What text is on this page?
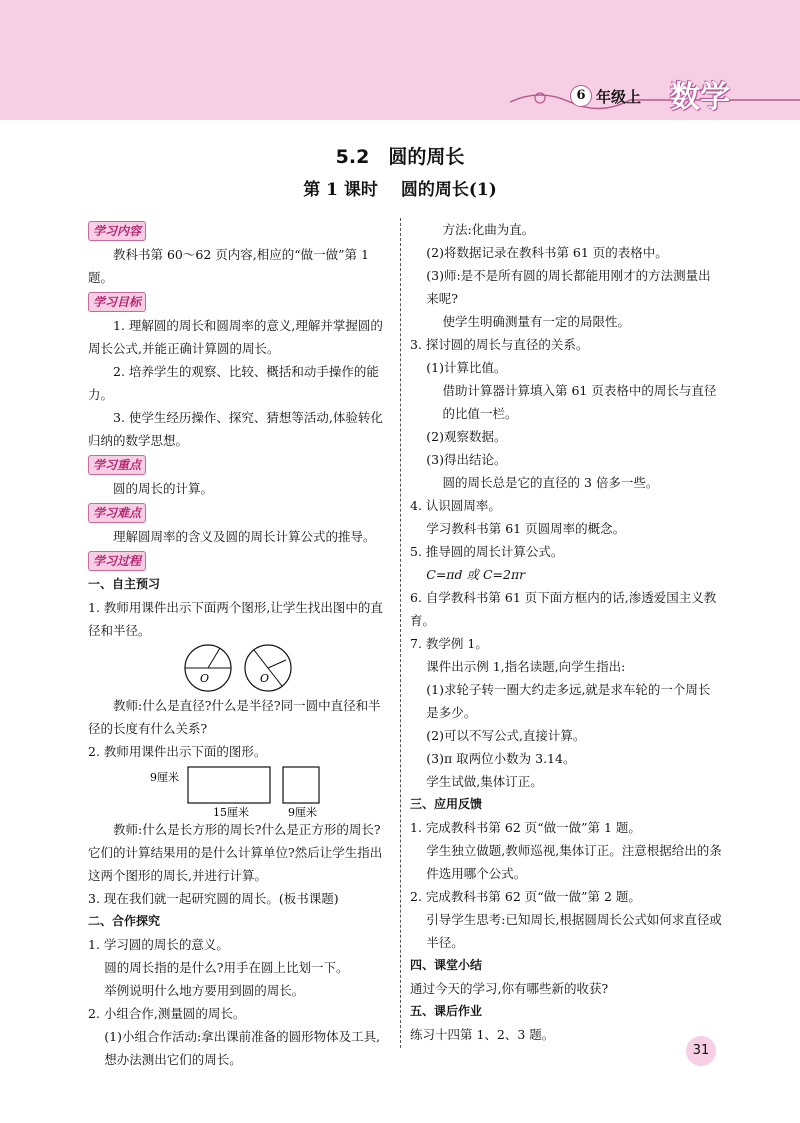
6 年级上 数学
5.2　圆的周长
第 1 课时　 圆的周长(1)
学习内容

教科书第 60～62 页内容,相应的“做一做”第 1 题。

学习目标

1. 理解圆的周长和圆周率的意义,理解并掌握圆的周长公式,并能正确计算圆的周长。

2. 培养学生的观察、比较、概括和动手操作的能力。

3. 使学生经历操作、探究、猜想等活动,体验转化归纳的数学思想。

学习重点

圆的周长的计算。

学习难点

理解圆周率的含义及圆的周长计算公式的推导。

学习过程

一、自主预习

1. 教师用课件出示下面两个图形,让学生找出图中的直径和半径。

O	O

教师:什么是直径?什么是半径?同一圆中直径和半径的长度有什么关系?

2. 教师用课件出示下面的图形。

9厘米
15厘米	9厘米

教师:什么是长方形的周长?什么是正方形的周长?它们的计算结果用的是什么计算单位?然后让学生指出这两个图形的周长,并进行计算。

3. 现在我们就一起研究圆的周长。(板书课题)

二、合作探究

1. 学习圆的周长的意义。

圆的周长指的是什么?用手在圆上比划一下。

举例说明什么地方要用到圆的周长。

2. 小组合作,测量圆的周长。

(1)小组合作活动:拿出课前准备的圆形物体及工具,想办法测出它们的周长。

方法:化曲为直。

(2)将数据记录在教科书第 61 页的表格中。

(3)师:是不是所有圆的周长都能用刚才的方法测量出来呢?

使学生明确测量有一定的局限性。

3. 探讨圆的周长与直径的关系。

(1)计算比值。

借助计算器计算填入第 61 页表格中的周长与直径的比值一栏。

(2)观察数据。

(3)得出结论。

圆的周长总是它的直径的 3 倍多一些。

4. 认识圆周率。

学习教科书第 61 页圆周率的概念。

5. 推导圆的周长计算公式。

C=πd 或 C=2πr

6. 自学教科书第 61 页下面方框内的话,渗透爱国主义教育。

7. 教学例 1。

课件出示例 1,指名读题,向学生指出:

(1)求轮子转一圈大约走多远,就是求车轮的一个周长是多少。

(2)可以不写公式,直接计算。

(3)π 取两位小数为 3.14。

学生试做,集体订正。

三、应用反馈

1. 完成教科书第 62 页“做一做”第 1 题。

学生独立做题,教师巡视,集体订正。注意根据给出的条件选用哪个公式。

2. 完成教科书第 62 页“做一做”第 2 题。

引导学生思考:已知周长,根据圆周长公式如何求直径或半径。

四、课堂小结

通过今天的学习,你有哪些新的收获?

五、课后作业

练习十四第 1、2、3 题。

31
